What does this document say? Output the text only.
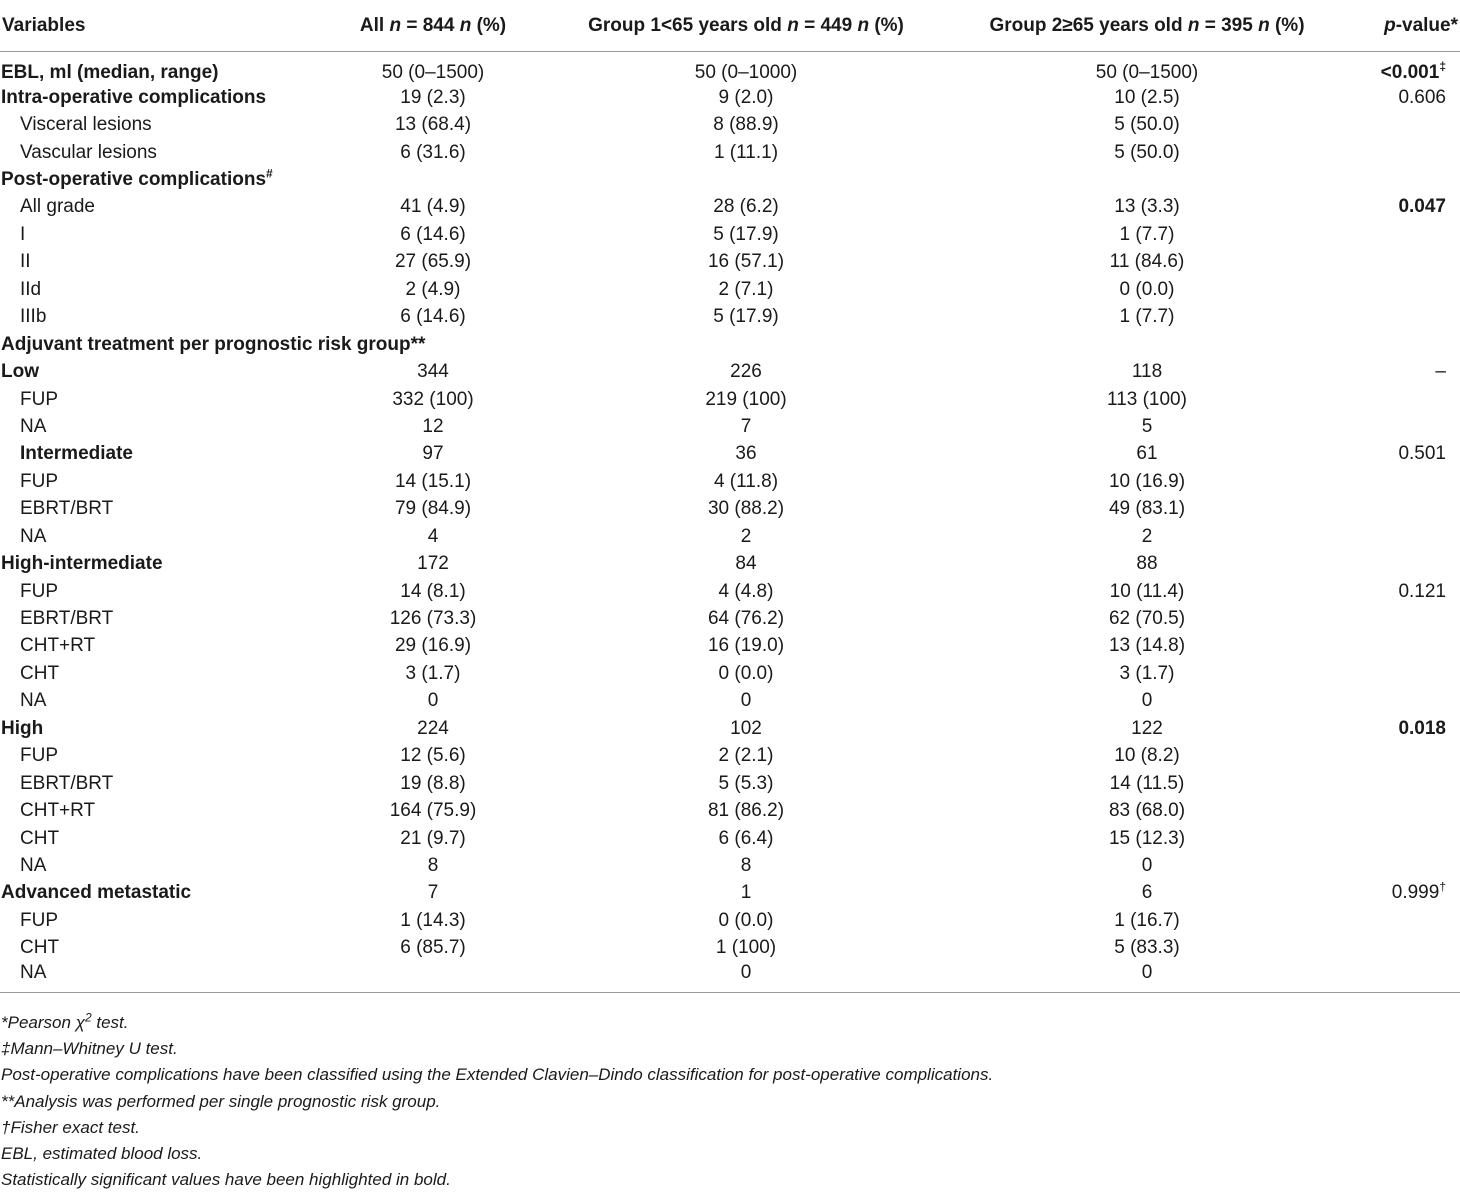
Variables	All n = 844 n (%)	Group 1<65 years old n = 449 n (%)	Group 2≥65 years old n = 395 n (%)	p-value*
EBL, ml (median, range)	50 (0–1500)	50 (0–1000)	50 (0–1500)	<0.001‡
Intra-operative complications	19 (2.3)	9 (2.0)	10 (2.5)	0.606
Visceral lesions	13 (68.4)	8 (88.9)	5 (50.0)	
Vascular lesions	6 (31.6)	1 (11.1)	5 (50.0)	
Post-operative complications#				
All grade	41 (4.9)	28 (6.2)	13 (3.3)	0.047
I	6 (14.6)	5 (17.9)	1 (7.7)	
II	27 (65.9)	16 (57.1)	11 (84.6)	
IId	2 (4.9)	2 (7.1)	0 (0.0)	
IIIb	6 (14.6)	5 (17.9)	1 (7.7)	
Adjuvant treatment per prognostic risk group**				
Low	344	226	118	–
FUP	332 (100)	219 (100)	113 (100)	
NA	12	7	5	
Intermediate	97	36	61	0.501
FUP	14 (15.1)	4 (11.8)	10 (16.9)	
EBRT/BRT	79 (84.9)	30 (88.2)	49 (83.1)	
NA	4	2	2	
High-intermediate	172	84	88	
FUP	14 (8.1)	4 (4.8)	10 (11.4)	0.121
EBRT/BRT	126 (73.3)	64 (76.2)	62 (70.5)	
CHT+RT	29 (16.9)	16 (19.0)	13 (14.8)	
CHT	3 (1.7)	0 (0.0)	3 (1.7)	
NA	0	0	0	
High	224	102	122	0.018
FUP	12 (5.6)	2 (2.1)	10 (8.2)	
EBRT/BRT	19 (8.8)	5 (5.3)	14 (11.5)	
CHT+RT	164 (75.9)	81 (86.2)	83 (68.0)	
CHT	21 (9.7)	6 (6.4)	15 (12.3)	
NA	8	8	0	
Advanced metastatic	7	1	6	0.999†
FUP	1 (14.3)	0 (0.0)	1 (16.7)	
CHT	6 (85.7)	1 (100)	5 (83.3)	
NA		0	0	
*Pearson $\chi^2$ test.
‡Mann–Whitney U test.
Post-operative complications have been classified using the Extended Clavien–Dindo classification for post-operative complications.
**Analysis was performed per single prognostic risk group.
†Fisher exact test.
EBL, estimated blood loss.
Statistically significant values have been highlighted in bold.
